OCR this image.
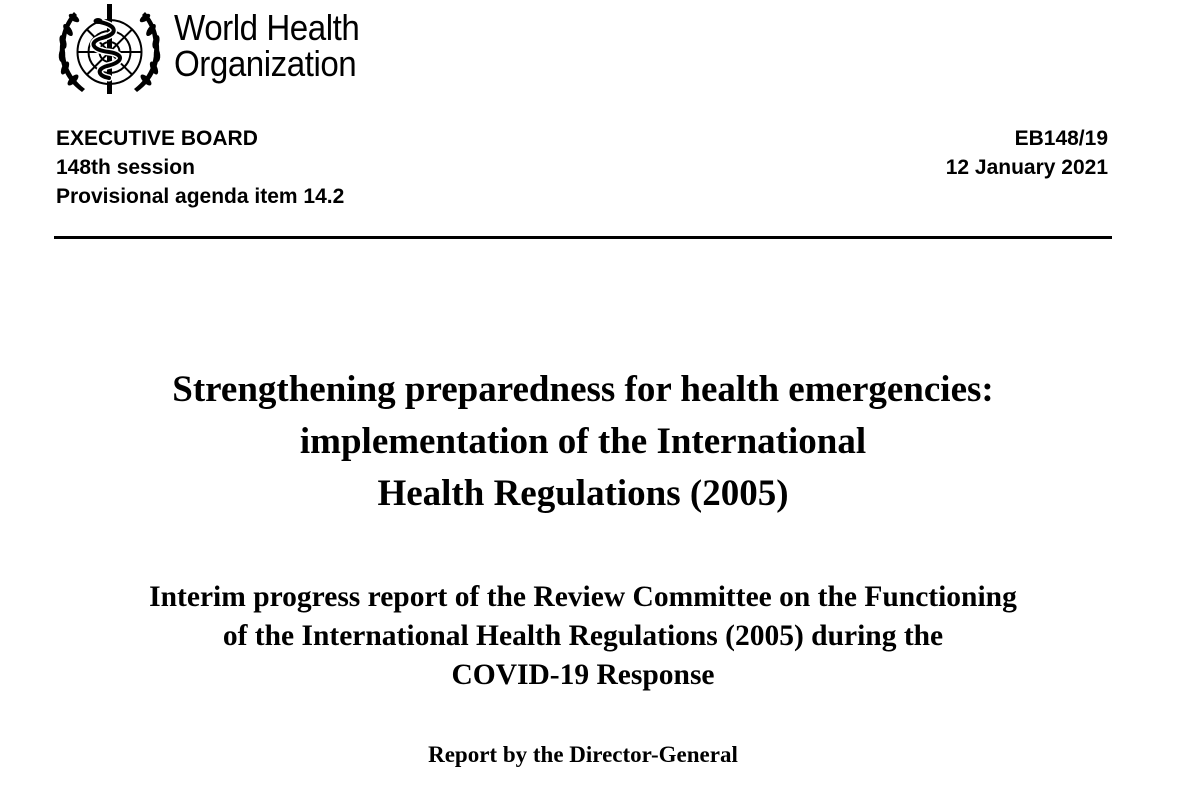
World Health
Organization
EXECUTIVE BOARD
148th session
Provisional agenda item 14.2
EB148/19
12 January 2021
Strengthening preparedness for health emergencies:
implementation of the International
Health Regulations (2005)
Interim progress report of the Review Committee on the Functioning
of the International Health Regulations (2005) during the
COVID-19 Response
Report by the Director-General
